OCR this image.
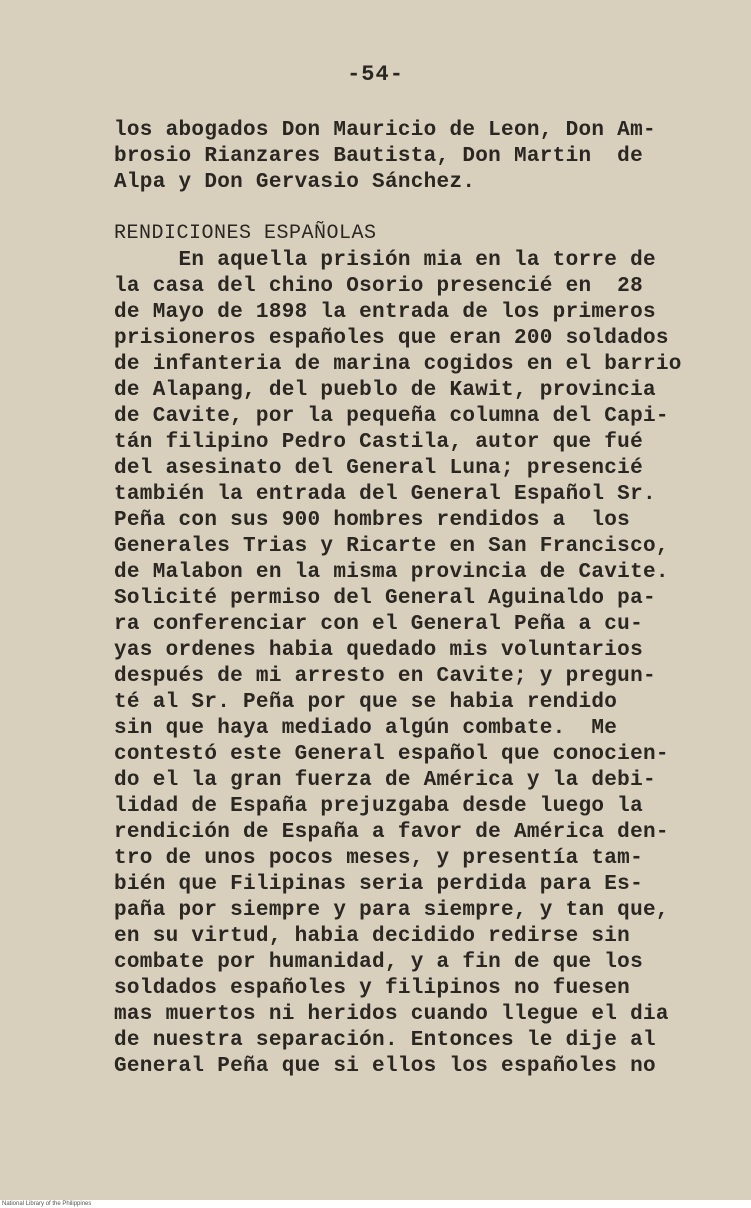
-54-

los abogados Don Mauricio de Leon, Don Am-

brosio Rianzares Bautista, Don Martin  de

Alpa y Don Gervasio Sánchez.

RENDICIONES ESPAÑOLAS

En aquella prisión mia en la torre de

la casa del chino Osorio presencié en  28

de Mayo de 1898 la entrada de los primeros

prisioneros españoles que eran 200 soldados

de infanteria de marina cogidos en el barrio

de Alapang, del pueblo de Kawit, provincia

de Cavite, por la pequeña columna del Capi-

tán filipino Pedro Castila, autor que fué

del asesinato del General Luna; presencié

también la entrada del General Español Sr.

Peña con sus 900 hombres rendidos a  los

Generales Trias y Ricarte en San Francisco,

de Malabon en la misma provincia de Cavite.

Solicité permiso del General Aguinaldo pa-

ra conferenciar con el General Peña a cu-

yas ordenes habia quedado mis voluntarios

después de mi arresto en Cavite; y pregun-

té al Sr. Peña por que se habia rendido

sin que haya mediado algún combate.  Me

contestó este General español que conocien-

do el la gran fuerza de América y la debi-

lidad de España prejuzgaba desde luego la

rendición de España a favor de América den-

tro de unos pocos meses, y presentía tam-

bién que Filipinas seria perdida para Es-

paña por siempre y para siempre, y tan que,

en su virtud, habia decidido redirse sin

combate por humanidad, y a fin de que los

soldados españoles y filipinos no fuesen

mas muertos ni heridos cuando llegue el dia

de nuestra separación. Entonces le dije al

General Peña que si ellos los españoles no

National Library of the Philippines
